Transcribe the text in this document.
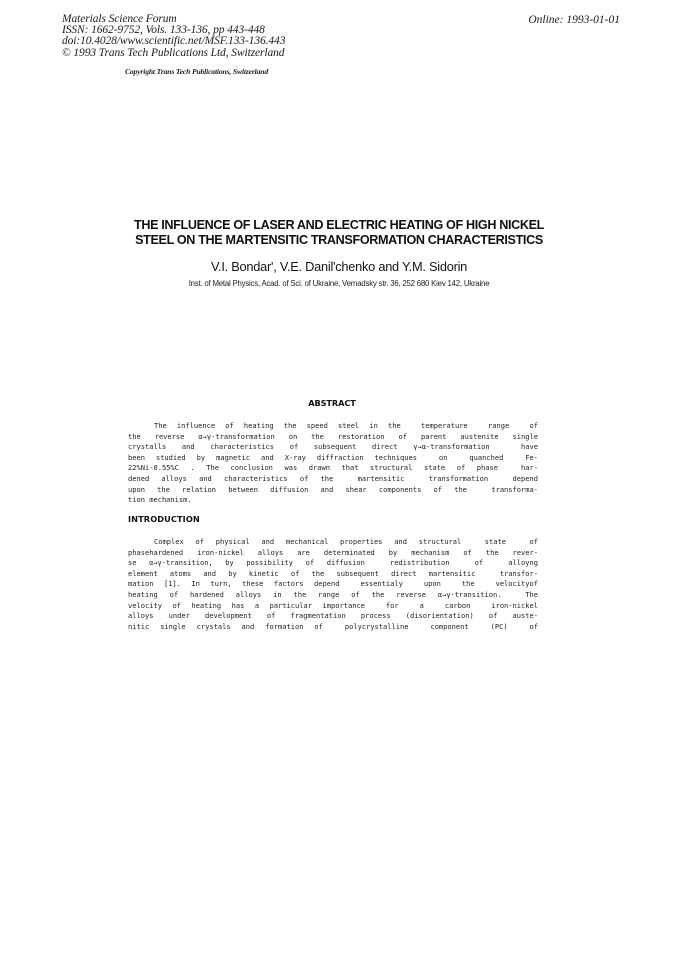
Materials Science Forum
ISSN: 1662-9752, Vols. 133-136, pp 443-448
doi:10.4028/www.scientific.net/MSF.133-136.443
© 1993 Trans Tech Publications Ltd, Switzerland
Online: 1993-01-01
Copyright Trans Tech Publications, Switzerland
THE INFLUENCE OF LASER AND ELECTRIC HEATING OF HIGH NICKEL
STEEL ON THE MARTENSITIC TRANSFORMATION CHARACTERISTICS
V.I. Bondar', V.E. Danil'chenko and Y.M. Sidorin
Inst. of Metal Physics, Acad. of Sci. of Ukraine, Vernadsky str. 36, 252 680 Kiev 142, Ukraine
ABSTRACT
The influence of heating the speed steel in the  temperature  range  of
the reverse α→γ-transformation on the restoration of parent austenite single
crystalls and characteristics of subsequent direct γ→α-transformation  have
been studied by magnetic and X-ray diffraction techniques  on  quanched  Fe-
22%Ni-0.55%C . The conclusion was drawn that structural state of phase  har-
dened alloys and characteristics of the  martensitic  transformation  depend
upon the relation between diffusion and shear components of the  transforma-
tion mechanism.
INTRODUCTION
Complex of physical and mechanical properties and structural  state  of
phasehardened iron-nickel alloys are determinated by mechanism of the rever-
se α→γ-transition, by possibility of diffusion  redistribution  of  alloyng
element atoms and by kinetic of the subsequent direct martensitic  transfor-
mation [1]. In turn, these factors depend  essentialy  upon  the  velocityof
heating of hardened alloys in the range of the reverse α→γ-transition.  The
velocity of heating has a particular importance  for  a  carbon  iron-nickel
alloys under development of fragmentation process (disorientation) of auste-
nitic single crystals and formation of  polycrystalline  component  (PC)  of
